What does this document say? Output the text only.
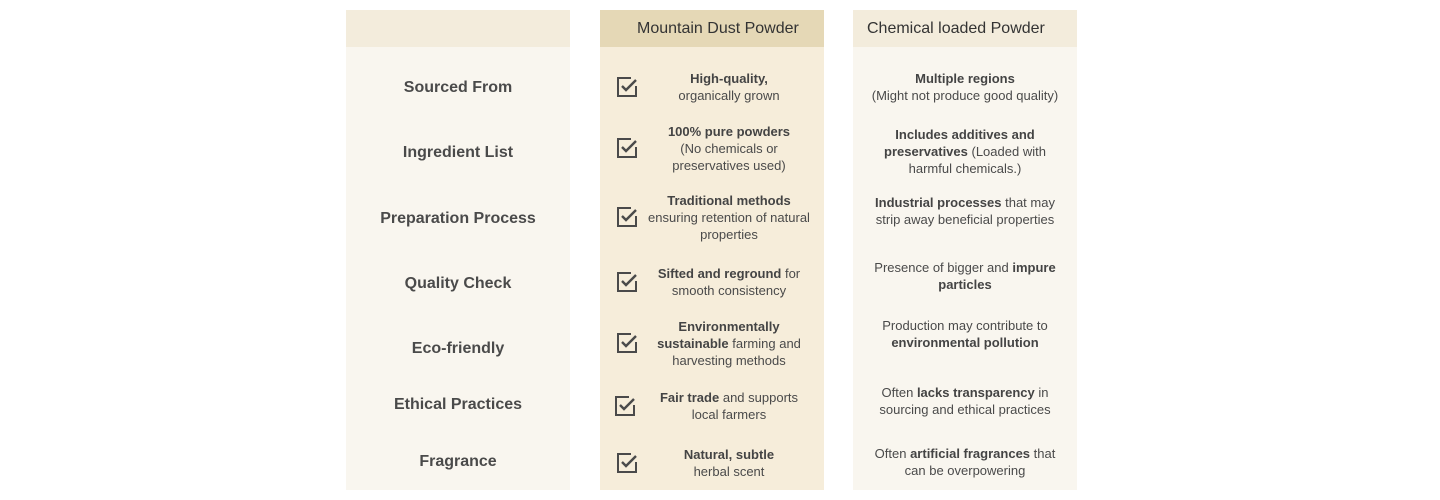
Sourced From
Ingredient List
Preparation Process
Quality Check
Eco-friendly
Ethical Practices
Fragrance
Mountain Dust Powder
High-quality,
organically grown
100% pure powders
(No chemicals or preservatives used)
Traditional methods
ensuring retention of natural properties
Sifted and reground for smooth consistency
Environmentally sustainable farming and harvesting methods
Fair trade and supports local farmers
Natural, subtle
herbal scent
Chemical loaded Powder
Multiple regions
(Might not produce good quality)
Includes additives and preservatives (Loaded with harmful chemicals.)
Industrial processes that may strip away beneficial properties
Presence of bigger and impure particles
Production may contribute to
environmental pollution
Often lacks transparency in sourcing and ethical practices
Often artificial fragrances that can be overpowering
